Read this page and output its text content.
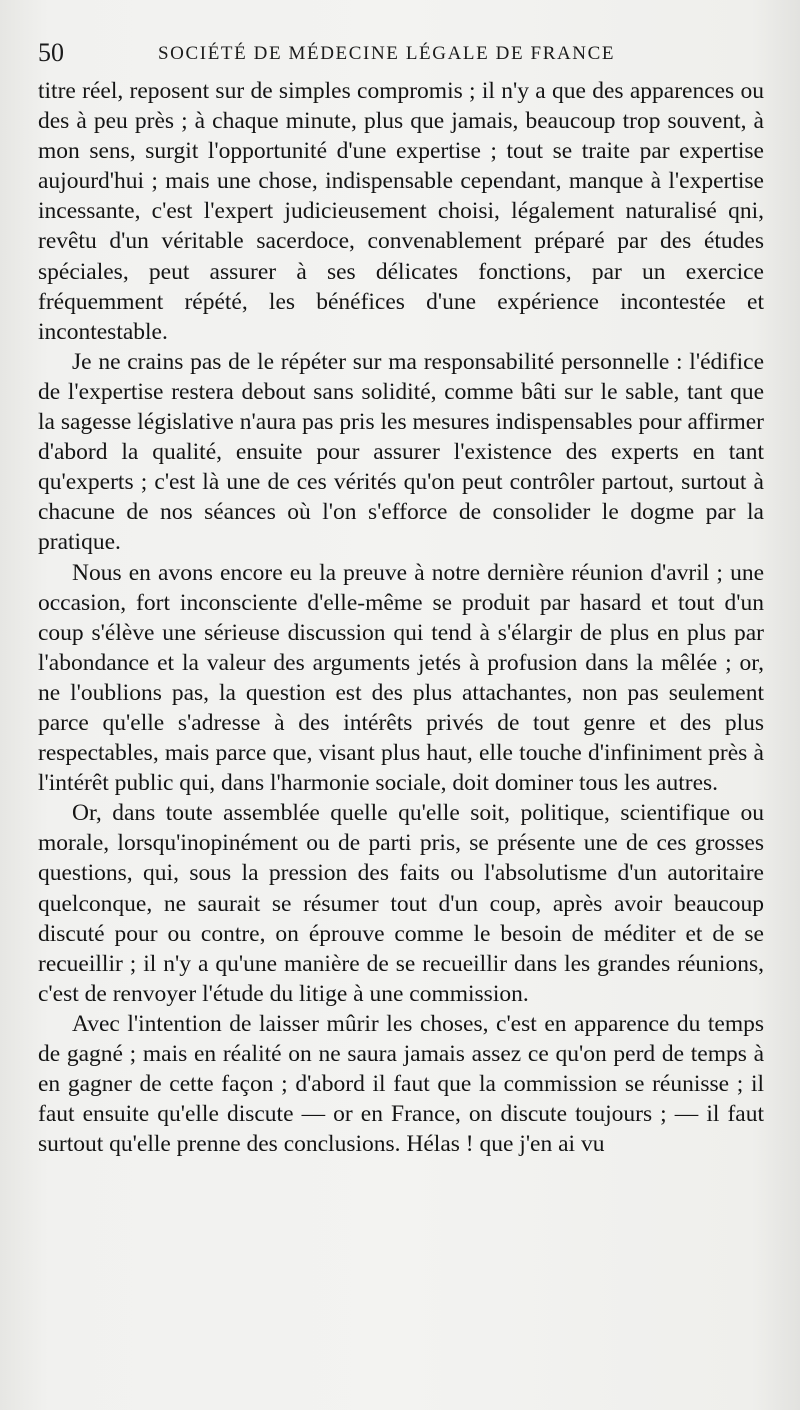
50	SOCIÉTÉ DE MÉDECINE LÉGALE DE FRANCE

titre réel, reposent sur de simples compromis ; il n'y a que des apparences ou des à peu près ; à chaque minute, plus que jamais, beaucoup trop souvent, à mon sens, surgit l'opportunité d'une expertise ; tout se traite par expertise aujourd'hui ; mais une chose, indispensable cependant, manque à l'expertise incessante, c'est l'expert judicieusement choisi, légalement naturalisé qni, revêtu d'un véritable sacerdoce, convenablement préparé par des études spéciales, peut assurer à ses délicates fonctions, par un exercice fréquemment répété, les bénéfices d'une expérience incontestée et incontestable.

Je ne crains pas de le répéter sur ma responsabilité personnelle : l'édifice de l'expertise restera debout sans solidité, comme bâti sur le sable, tant que la sagesse législative n'aura pas pris les mesures indispensables pour affirmer d'abord la qualité, ensuite pour assurer l'existence des experts en tant qu'experts ; c'est là une de ces vérités qu'on peut contrôler partout, surtout à chacune de nos séances où l'on s'efforce de consolider le dogme par la pratique.

Nous en avons encore eu la preuve à notre dernière réunion d'avril ; une occasion, fort inconsciente d'elle-même se produit par hasard et tout d'un coup s'élève une sérieuse discussion qui tend à s'élargir de plus en plus par l'abondance et la valeur des arguments jetés à profusion dans la mêlée ; or, ne l'oublions pas, la question est des plus attachantes, non pas seulement parce qu'elle s'adresse à des intérêts privés de tout genre et des plus respectables, mais parce que, visant plus haut, elle touche d'infiniment près à l'intérêt public qui, dans l'harmonie sociale, doit dominer tous les autres.

Or, dans toute assemblée quelle qu'elle soit, politique, scientifique ou morale, lorsqu'inopinément ou de parti pris, se présente une de ces grosses questions, qui, sous la pression des faits ou l'absolutisme d'un autoritaire quelconque, ne saurait se résumer tout d'un coup, après avoir beaucoup discuté pour ou contre, on éprouve comme le besoin de méditer et de se recueillir ; il n'y a qu'une manière de se recueillir dans les grandes réunions, c'est de renvoyer l'étude du litige à une commission.

Avec l'intention de laisser mûrir les choses, c'est en apparence du temps de gagné ; mais en réalité on ne saura jamais assez ce qu'on perd de temps à en gagner de cette façon ; d'abord il faut que la commission se réunisse ; il faut ensuite qu'elle discute — or en France, on discute toujours ; — il faut surtout qu'elle prenne des conclusions. Hélas ! que j'en ai vu
